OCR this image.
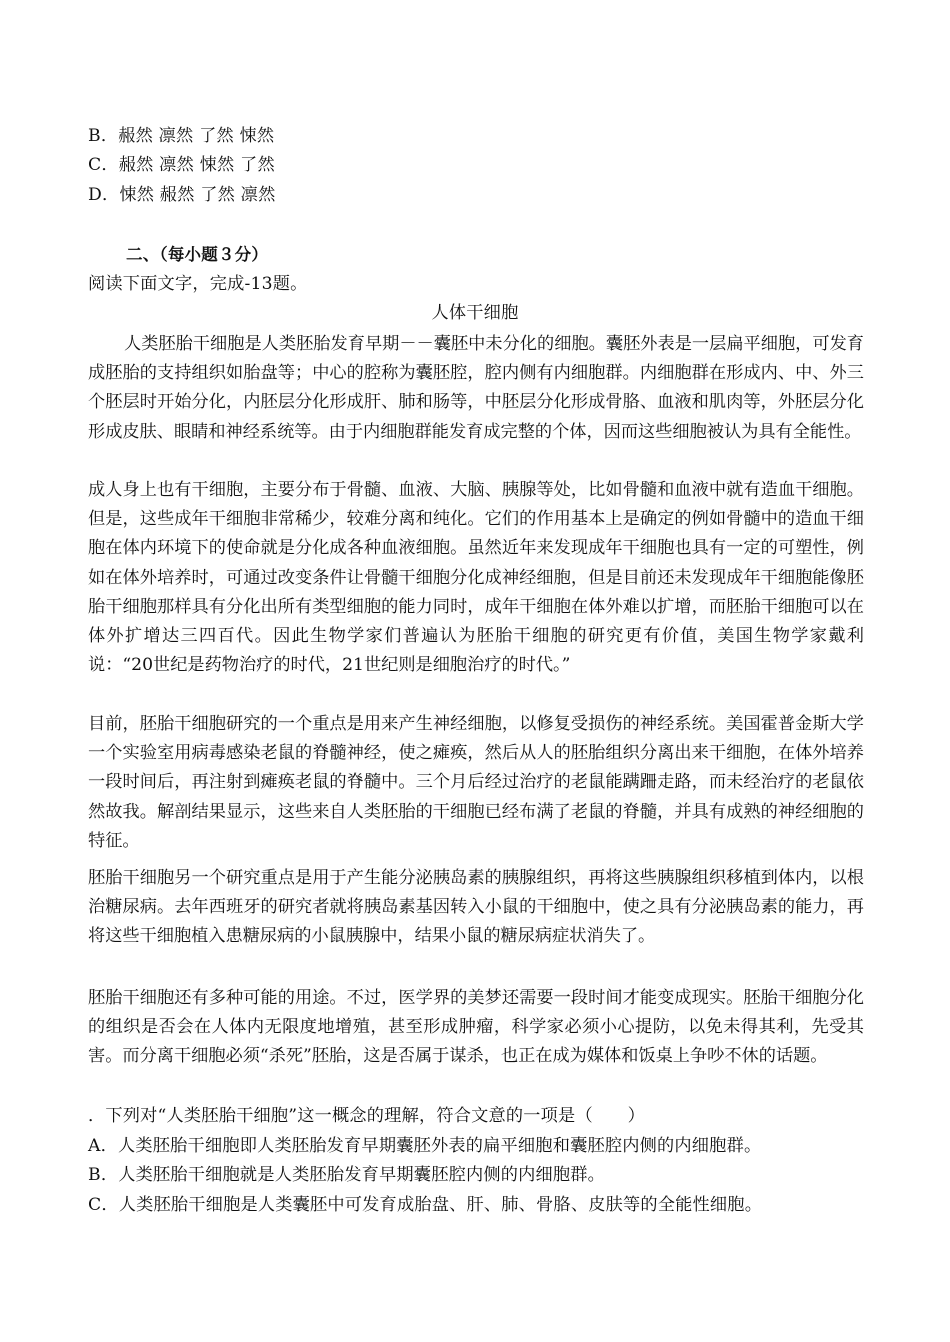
B．赧然 凛然 了然 悚然
C．赧然 凛然 悚然 了然
D．悚然 赧然 了然 凛然
二、（每小题３分）
阅读下面文字，完成-13题。
人体干细胞
人类胚胎干细胞是人类胚胎发育早期－－囊胚中未分化的细胞。囊胚外表是一层扁平细胞，可发育成胚胎的支持组织如胎盘等；中心的腔称为囊胚腔，腔内侧有内细胞群。内细胞群在形成内、中、外三个胚层时开始分化，内胚层分化形成肝、肺和肠等，中胚层分化形成骨胳、血液和肌肉等，外胚层分化形成皮肤、眼睛和神经系统等。由于内细胞群能发育成完整的个体，因而这些细胞被认为具有全能性。
成人身上也有干细胞，主要分布于骨髓、血液、大脑、胰腺等处，比如骨髓和血液中就有造血干细胞。但是，这些成年干细胞非常稀少，较难分离和纯化。它们的作用基本上是确定的例如骨髓中的造血干细胞在体内环境下的使命就是分化成各种血液细胞。虽然近年来发现成年干细胞也具有一定的可塑性，例如在体外培养时，可通过改变条件让骨髓干细胞分化成神经细胞，但是目前还未发现成年干细胞能像胚胎干细胞那样具有分化出所有类型细胞的能力同时，成年干细胞在体外难以扩增，而胚胎干细胞可以在体外扩增达三四百代。因此生物学家们普遍认为胚胎干细胞的研究更有价值，美国生物学家戴利说：“20世纪是药物治疗的时代，21世纪则是细胞治疗的时代。”
目前，胚胎干细胞研究的一个重点是用来产生神经细胞，以修复受损伤的神经系统。美国霍普金斯大学一个实验室用病毒感染老鼠的脊髓神经，使之瘫痪，然后从人的胚胎组织分离出来干细胞，在体外培养一段时间后，再注射到瘫痪老鼠的脊髓中。三个月后经过治疗的老鼠能蹒跚走路，而未经治疗的老鼠依然故我。解剖结果显示，这些来自人类胚胎的干细胞已经布满了老鼠的脊髓，并具有成熟的神经细胞的特征。
胚胎干细胞另一个研究重点是用于产生能分泌胰岛素的胰腺组织，再将这些胰腺组织移植到体内，以根治糖尿病。去年西班牙的研究者就将胰岛素基因转入小鼠的干细胞中，使之具有分泌胰岛素的能力，再将这些干细胞植入患糖尿病的小鼠胰腺中，结果小鼠的糖尿病症状消失了。
胚胎干细胞还有多种可能的用途。不过，医学界的美梦还需要一段时间才能变成现实。胚胎干细胞分化的组织是否会在人体内无限度地增殖，甚至形成肿瘤，科学家必须小心提防，以免未得其利，先受其害。而分离干细胞必须“杀死”胚胎，这是否属于谋杀，也正在成为媒体和饭桌上争吵不休的话题。
．下列对“人类胚胎干细胞”这一概念的理解，符合文意的一项是（　　）
A．人类胚胎干细胞即人类胚胎发育早期囊胚外表的扁平细胞和囊胚腔内侧的内细胞群。
B．人类胚胎干细胞就是人类胚胎发育早期囊胚腔内侧的内细胞群。
C．人类胚胎干细胞是人类囊胚中可发育成胎盘、肝、肺、骨胳、皮肤等的全能性细胞。
